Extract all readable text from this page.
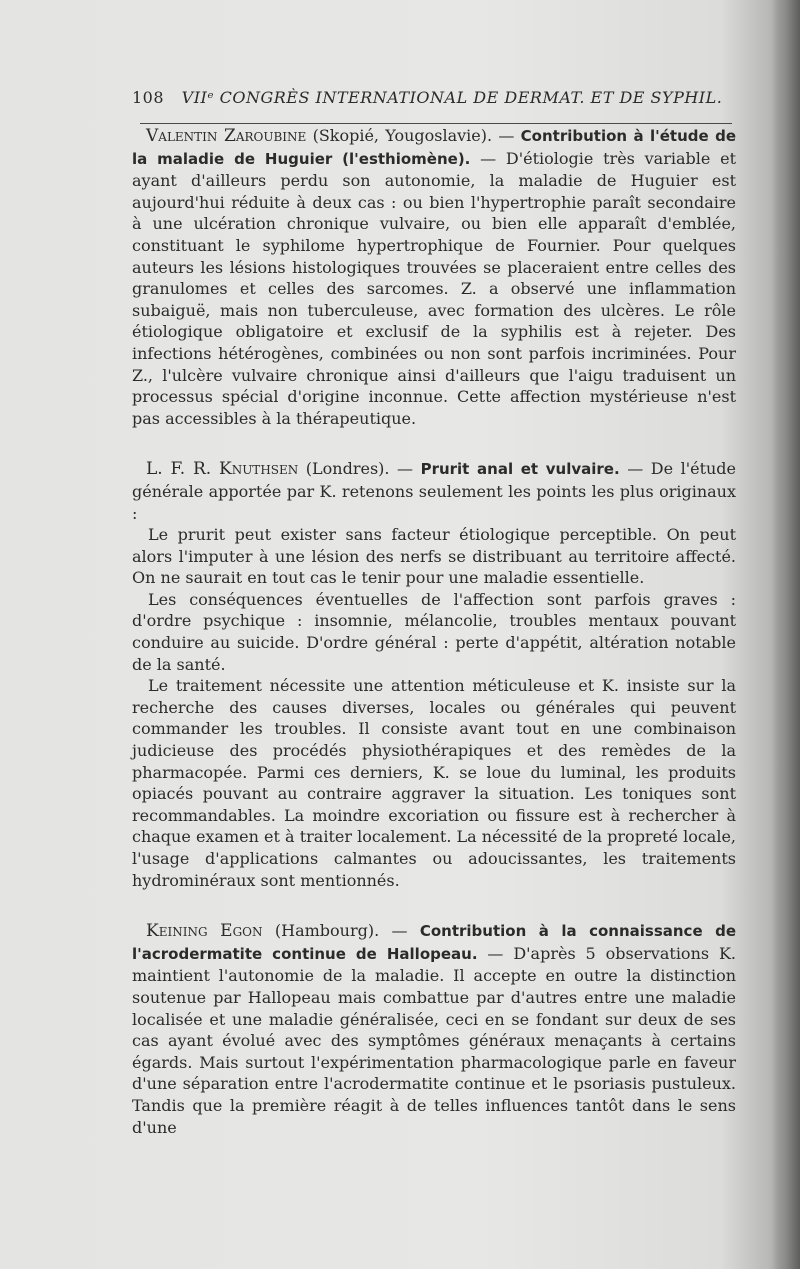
108 VIIᵉ CONGRÈS INTERNATIONAL DE DERMAT. ET DE SYPHIL.

Valentin Zaroubine (Skopié, Yougoslavie). — Contribution à l'étude de la maladie de Huguier (l'esthiomène). — D'étiologie très variable et ayant d'ailleurs perdu son autonomie, la maladie de Huguier est aujourd'hui réduite à deux cas : ou bien l'hypertrophie paraît secondaire à une ulcération chronique vulvaire, ou bien elle apparaît d'emblée, constituant le syphilome hypertrophique de Fournier. Pour quelques auteurs les lésions histologiques trouvées se placeraient entre celles des granulomes et celles des sarcomes. Z. a observé une inflammation subaiguë, mais non tuberculeuse, avec formation des ulcères. Le rôle étiologique obligatoire et exclusif de la syphilis est à rejeter. Des infections hétérogènes, combinées ou non sont parfois incriminées. Pour Z., l'ulcère vulvaire chronique ainsi d'ailleurs que l'aigu traduisent un processus spécial d'origine inconnue. Cette affection mystérieuse n'est pas accessibles à la thérapeutique.

L. F. R. Knuthsen (Londres). — Prurit anal et vulvaire. — De l'étude générale apportée par K. retenons seulement les points les plus originaux :

Le prurit peut exister sans facteur étiologique perceptible. On peut alors l'imputer à une lésion des nerfs se distribuant au territoire affecté. On ne saurait en tout cas le tenir pour une maladie essentielle.

Les conséquences éventuelles de l'affection sont parfois graves : d'ordre psychique : insomnie, mélancolie, troubles mentaux pouvant conduire au suicide. D'ordre général : perte d'appétit, altération notable de la santé.

Le traitement nécessite une attention méticuleuse et K. insiste sur la recherche des causes diverses, locales ou générales qui peuvent commander les troubles. Il consiste avant tout en une combinaison judicieuse des procédés physiothérapiques et des remèdes de la pharmacopée. Parmi ces derniers, K. se loue du luminal, les produits opiacés pouvant au contraire aggraver la situation. Les toniques sont recommandables. La moindre excoriation ou fissure est à rechercher à chaque examen et à traiter localement. La nécessité de la propreté locale, l'usage d'applications calmantes ou adoucissantes, les traitements hydrominéraux sont mentionnés.

Keining Egon (Hambourg). — Contribution à la connaissance de l'acrodermatite continue de Hallopeau. — D'après 5 observations K. maintient l'autonomie de la maladie. Il accepte en outre la distinction soutenue par Hallopeau mais combattue par d'autres entre une maladie localisée et une maladie généralisée, ceci en se fondant sur deux de ses cas ayant évolué avec des symptômes généraux menaçants à certains égards. Mais surtout l'expérimentation pharmacologique parle en faveur d'une séparation entre l'acrodermatite continue et le psoriasis pustuleux. Tandis que la première réagit à de telles influences tantôt dans le sens d'une
